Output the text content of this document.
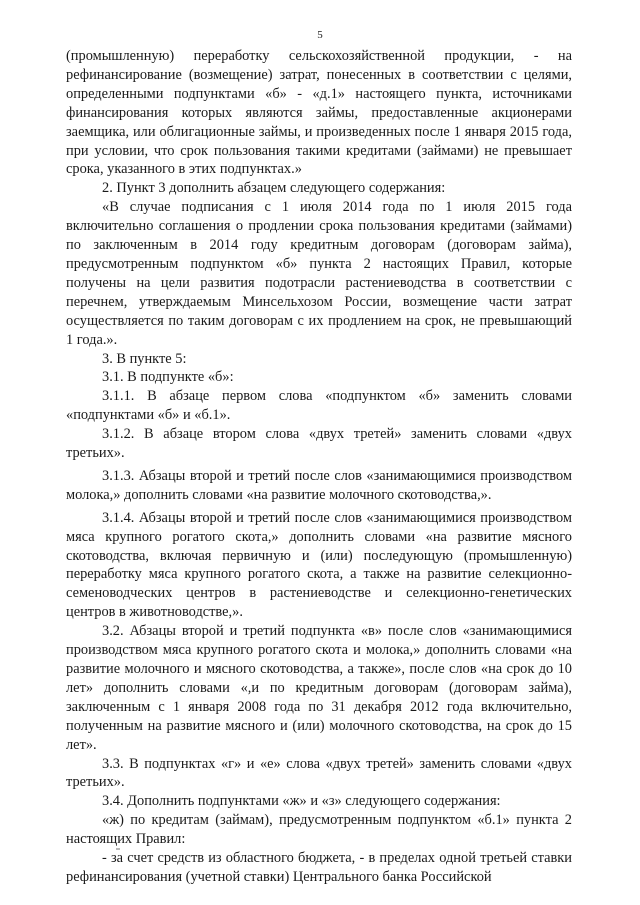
5

(промышленную) переработку сельскохозяйственной продукции, - на рефинансирование (возмещение) затрат, понесенных в соответствии с целями, определенными подпунктами «б» - «д.1» настоящего пункта, источниками финансирования которых являются займы, предоставленные акционерами заемщика, или облигационные займы, и произведенных после 1 января 2015 года, при условии, что срок пользования такими кредитами (займами) не превышает срока, указанного в этих подпунктах.»

2. Пункт 3 дополнить абзацем следующего содержания:

«В случае подписания с 1 июля 2014 года по 1 июля 2015 года включительно соглашения о продлении срока пользования кредитами (займами) по заключенным в 2014 году кредитным договорам (договорам займа), предусмотренным подпунктом «б» пункта 2 настоящих Правил, которые получены на цели развития подотрасли растениеводства в соответствии с перечнем, утверждаемым Минсельхозом России, возмещение части затрат осуществляется по таким договорам с их продлением на срок, не превышающий 1 года.».

3. В пункте 5:

3.1. В подпункте «б»:

3.1.1. В абзаце первом слова «подпунктом «б» заменить словами «подпунктами «б» и «б.1».

3.1.2. В абзаце втором слова «двух третей» заменить словами «двух третьих».

3.1.3. Абзацы второй и третий после слов «занимающимися производством молока,» дополнить словами «на развитие молочного скотоводства,».

3.1.4. Абзацы второй и третий после слов «занимающимися производством мяса крупного рогатого скота,» дополнить словами «на развитие мясного скотоводства, включая первичную и (или) последующую (промышленную) переработку мяса крупного рогатого скота, а также на развитие селекционно-семеноводческих центров в растениеводстве и селекционно-генетических центров в животноводстве,».

3.2. Абзацы второй и третий подпункта «в» после слов «занимающимися производством мяса крупного рогатого скота и молока,» дополнить словами «на развитие молочного и мясного скотоводства, а также», после слов «на срок до 10 лет» дополнить словами «,и по кредитным договорам (договорам займа), заключенным с 1 января 2008 года по 31 декабря 2012 года включительно, полученным на развитие мясного и (или) молочного скотоводства, на срок до 15 лет».

3.3. В подпунктах «г» и «е» слова «двух третей» заменить словами «двух третьих».

3.4. Дополнить подпунктами «ж» и «з» следующего содержания:

«ж) по кредитам (займам), предусмотренным подпунктом «б.1» пункта 2 настоящих Правил:

- за счет средств из областного бюджета, - в пределах одной третьей ставки рефинансирования (учетной ставки) Центрального банка Российской
